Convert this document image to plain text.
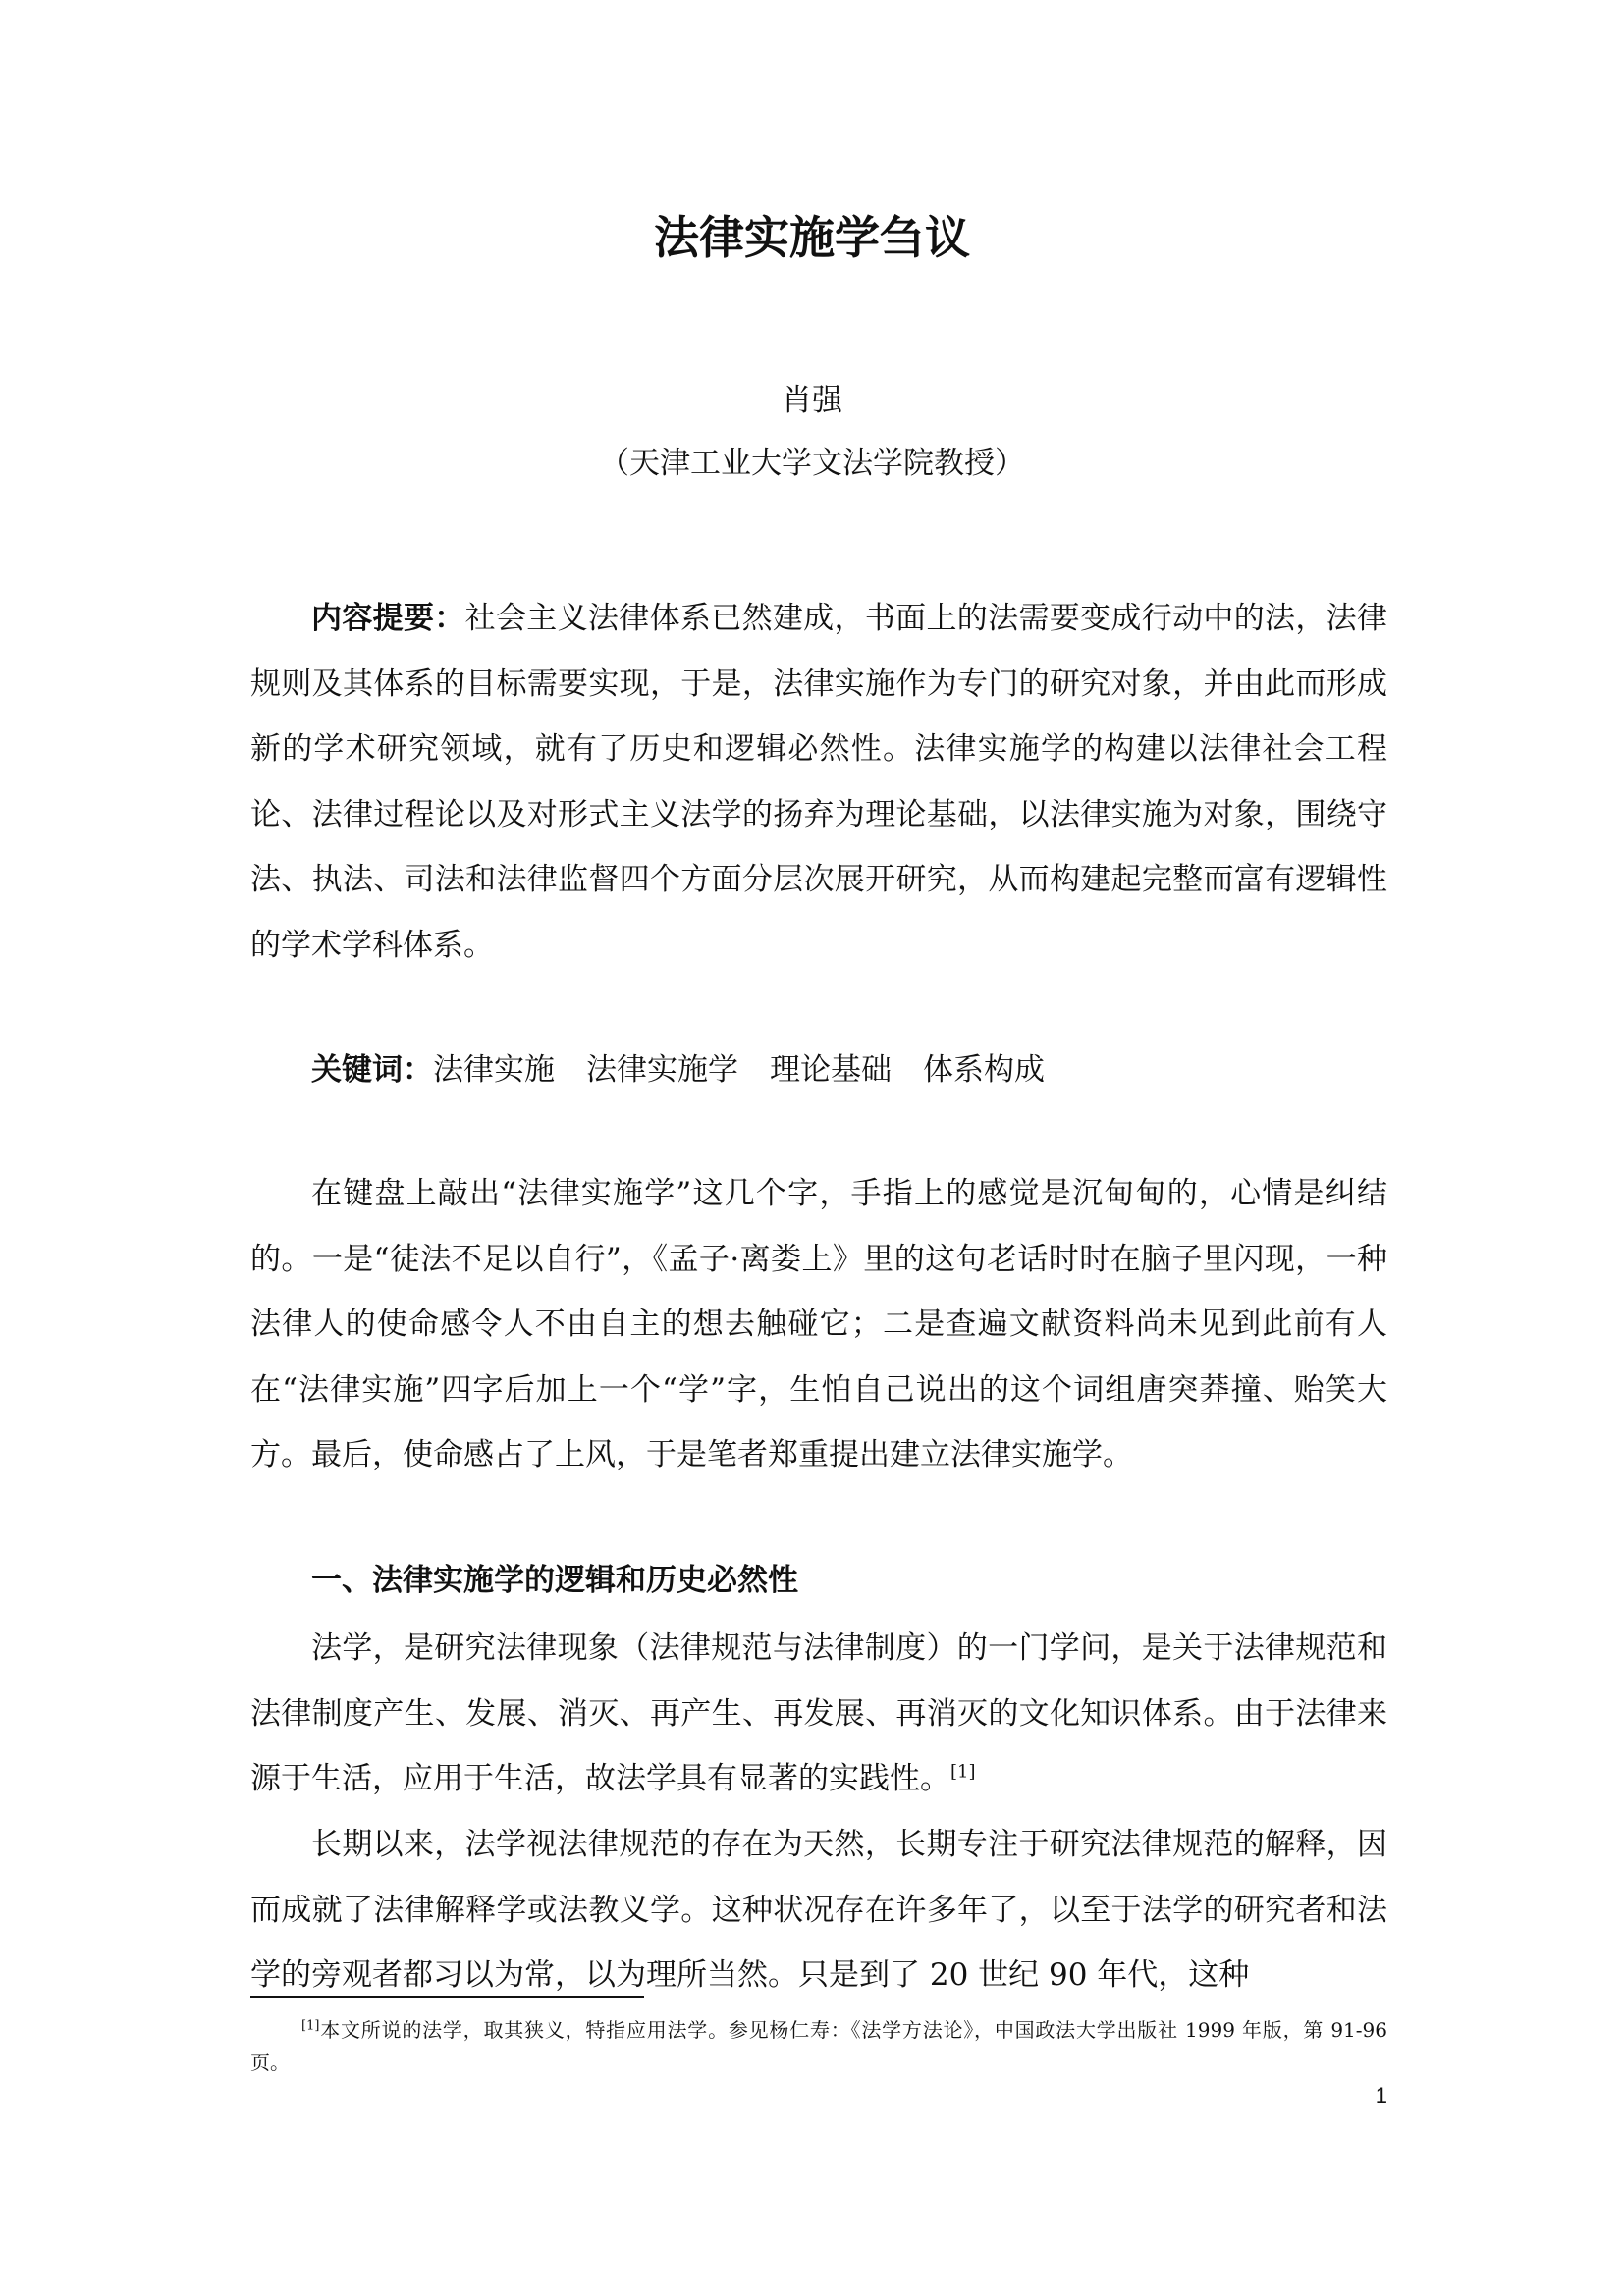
法律实施学刍议
肖强
（天津工业大学文法学院教授）

内容提要：社会主义法律体系已然建成，书面上的法需要变成行动中的法，法律规则及其体系的目标需要实现，于是，法律实施作为专门的研究对象，并由此而形成新的学术研究领域，就有了历史和逻辑必然性。法律实施学的构建以法律社会工程论、法律过程论以及对形式主义法学的扬弃为理论基础，以法律实施为对象，围绕守法、执法、司法和法律监督四个方面分层次展开研究，从而构建起完整而富有逻辑性的学术学科体系。

关键词：法律实施 法律实施学 理论基础 体系构成

在键盘上敲出“法律实施学”这几个字，手指上的感觉是沉甸甸的，心情是纠结的。一是“徒法不足以自行”，《孟子·离娄上》里的这句老话时时在脑子里闪现，一种法律人的使命感令人不由自主的想去触碰它；二是查遍文献资料尚未见到此前有人在“法律实施”四字后加上一个“学”字，生怕自己说出的这个词组唐突莽撞、贻笑大方。最后，使命感占了上风，于是笔者郑重提出建立法律实施学。

一、法律实施学的逻辑和历史必然性

法学，是研究法律现象（法律规范与法律制度）的一门学问，是关于法律规范和法律制度产生、发展、消灭、再产生、再发展、再消灭的文化知识体系。由于法律来源于生活，应用于生活，故法学具有显著的实践性。[1]

长期以来，法学视法律规范的存在为天然，长期专注于研究法律规范的解释，因而成就了法律解释学或法教义学。这种状况存在许多年了，以至于法学的研究者和法学的旁观者都习以为常，以为理所当然。只是到了 20 世纪 90 年代，这种

[1]本文所说的法学，取其狭义，特指应用法学。参见杨仁寿：《法学方法论》，中国政法大学出版社 1999 年版，第 91-96 页。

1
